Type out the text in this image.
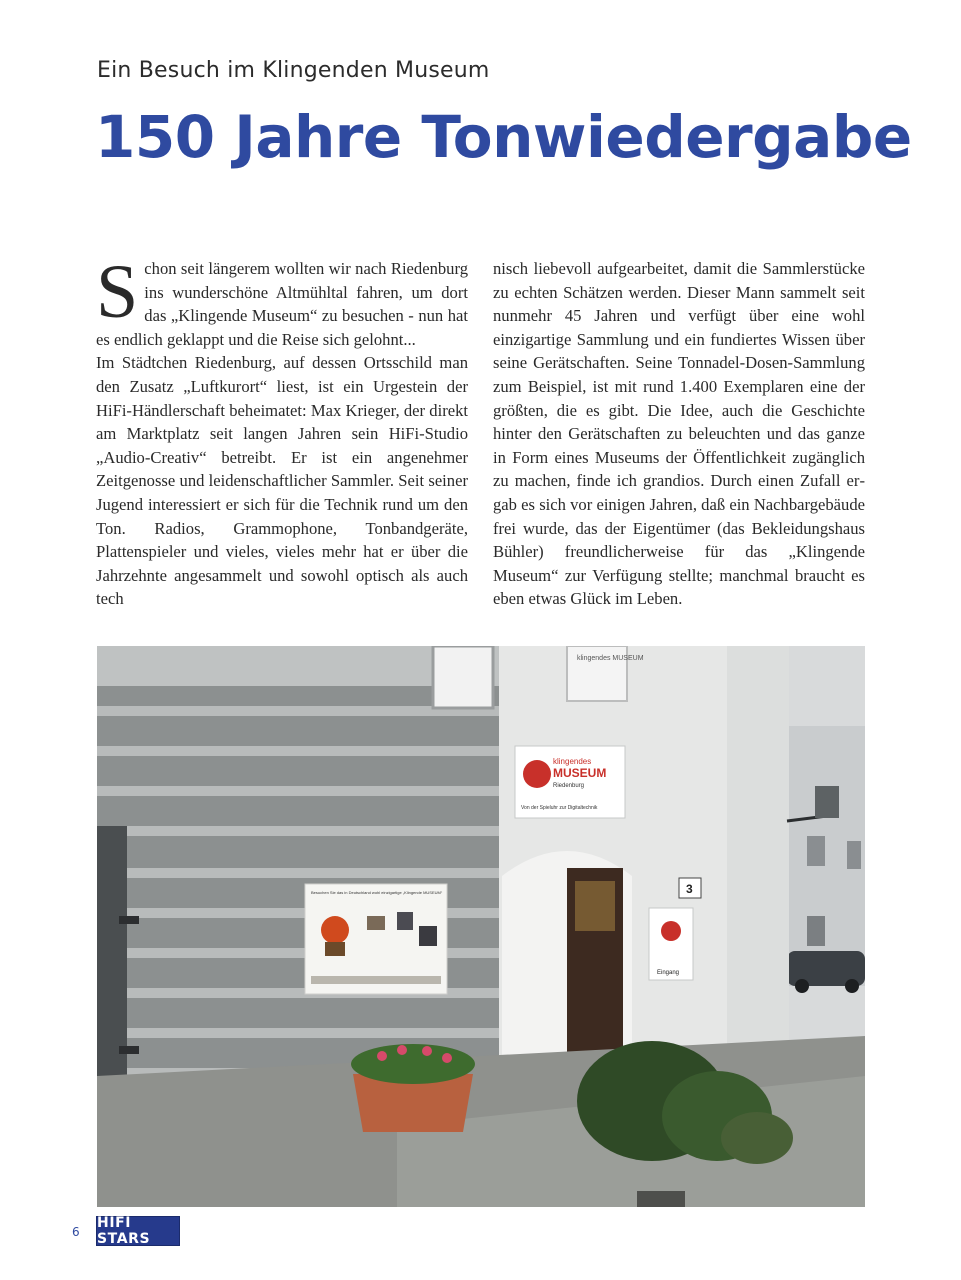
Ein Besuch im Klingenden Museum
150 Jahre Tonwiedergabe

Schon seit längerem wollten wir nach Riedenburg ins wunderschöne Altmühltal fahren, um dort das „Klingende Museum“ zu besuchen - nun hat es endlich geklappt und die Reise sich gelohnt...

Im Städtchen Riedenburg, auf dessen Ortsschild man den Zusatz „Luftkurort“ liest, ist ein Urgestein der HiFi-Händlerschaft beheimatet: Max Krieger, der direkt am Marktplatz seit langen Jahren sein HiFi-Studio „Audio-Creativ“ betreibt. Er ist ein angenehmer Zeitgenosse und leidenschaftlicher Sammler. Seit seiner Jugend interessiert er sich für die Technik rund um den Ton. Radios, Grammophone, Tonbandgeräte, Plattenspieler und vieles, vieles mehr hat er über die Jahrzehnte angesammelt und sowohl optisch als auch tech

nisch liebevoll aufgearbeitet, damit die Sammlerstücke zu echten Schätzen werden. Dieser Mann sammelt seit nunmehr 45 Jahren und verfügt über eine wohl einzigartige Sammlung und ein fundiertes Wissen über seine Gerätschaften. Seine Tonnadel-Dosen-Sammlung zum Beispiel, ist mit rund 1.400 Exemplaren eine der größten, die es gibt. Die Idee, auch die Geschichte hinter den Gerätschaften zu beleuchten und das ganze in Form eines Museums der Öffentlichkeit zugänglich zu machen, finde ich grandios. Durch einen Zufall ergab es sich vor einigen Jahren, daß ein Nachbargebäude frei wurde, das der Eigentümer (das Bekleidungshaus Bühler) freundlicherweise für das „Klingende Museum“ zur Verfügung stellte; manchmal braucht es eben etwas Glück im Leben.

klingendes
MUSEUM
Riedenburg
Von der Spieluhr zur Digitaltechnik
klingendes MUSEUM
Besuchen Sie das in Deutschland wohl einzigartige „Klingende MUSEUM“	3
Eingang
6
HIFI STARS
